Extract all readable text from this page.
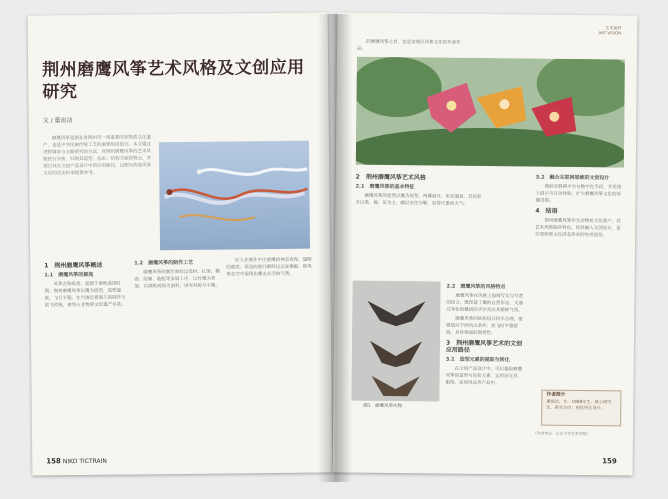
荆州磨鹰风筝艺术风格及文创应用研究
文 / 董雨洁
磨鹰风筝是湖北省荆州市一项重要的非物质文化遗产，也是中华民族传统工艺的重要组成部分。本文通过田野调查与文献研究的方法，对荆州磨鹰风筝的艺术风格进行分析，归纳其造型、色彩、结构方面的特点，并探讨其在文创产品设计中的应用路径，以期为传统风筝文化的活态传承提供参考。
1　荆州磨鹰风筝概述
1.1　磨鹰风筝的源流

风筝古称纸鸢，起源于春秋战国时期。荆州磨鹰风筝以鹰为原型，造型逼真，飞行平稳，在当地有着悠久的制作与放飞传统，被列入非物质文化遗产名录。

1.2　磨鹰风筝的制作工艺

磨鹰风筝的制作需经过选材、扎架、糊面、绘制、装配等多道工序，以竹篾为骨架，以绵纸或绢为面料，讲究对称与平衡。

匠人在制作中注重鹰的神态表现，翅膀的弧度、尾羽的展开都经过反复推敲，使风筝在空中展现出鹰击长空的气势。

158 NIKO TICTRAIN
艺术视野
ART VISION

的磨鹰风筝之首，也是该地区风筝文化的代表作品。

2　荆州磨鹰风筝艺术风格
2.1　磨鹰风筝的基本特征

磨鹰风筝的造型以鹰为原型，两翼展开，形态逼真。其色彩多以黑、褐、灰为主，辅以金色勾勒，显得庄重而大气。

图1　磨鹰风筝实物
2.2　磨鹰风筝的风格特点

磨鹰风筝在风格上强调写实与写意的结合，既保留了鹰的自然形态，又通过夸张和概括的手法突出其精神气质。

磨鹰风筝的结构设计科学合理，能够适应不同风力条件，放飞时平稳舒展，具有很强的观赏性。

3　荆州磨鹰风筝艺术的文创应用路径
3.1　造型元素的提取与转化

在文创产品设计中，可以提取磨鹰风筝的造型与色彩元素，运用到文具、服饰、家居用品等产品中。

3.2　融合互联网思维的文创设计

借助互联网平台与数字化手段，开发线上展示与互动体验，扩大磨鹰风筝文化的传播范围。

4　结语

荆州磨鹰风筝作为非物质文化遗产，其艺术风格独具特色。将其融入文创设计，是实现传统文化活态传承的有效途径。

作者简介
董雨洁，女，1998年生，硕士研究生，研究方向：视觉传达设计。
（作者单位：长江大学艺术学院）
159
